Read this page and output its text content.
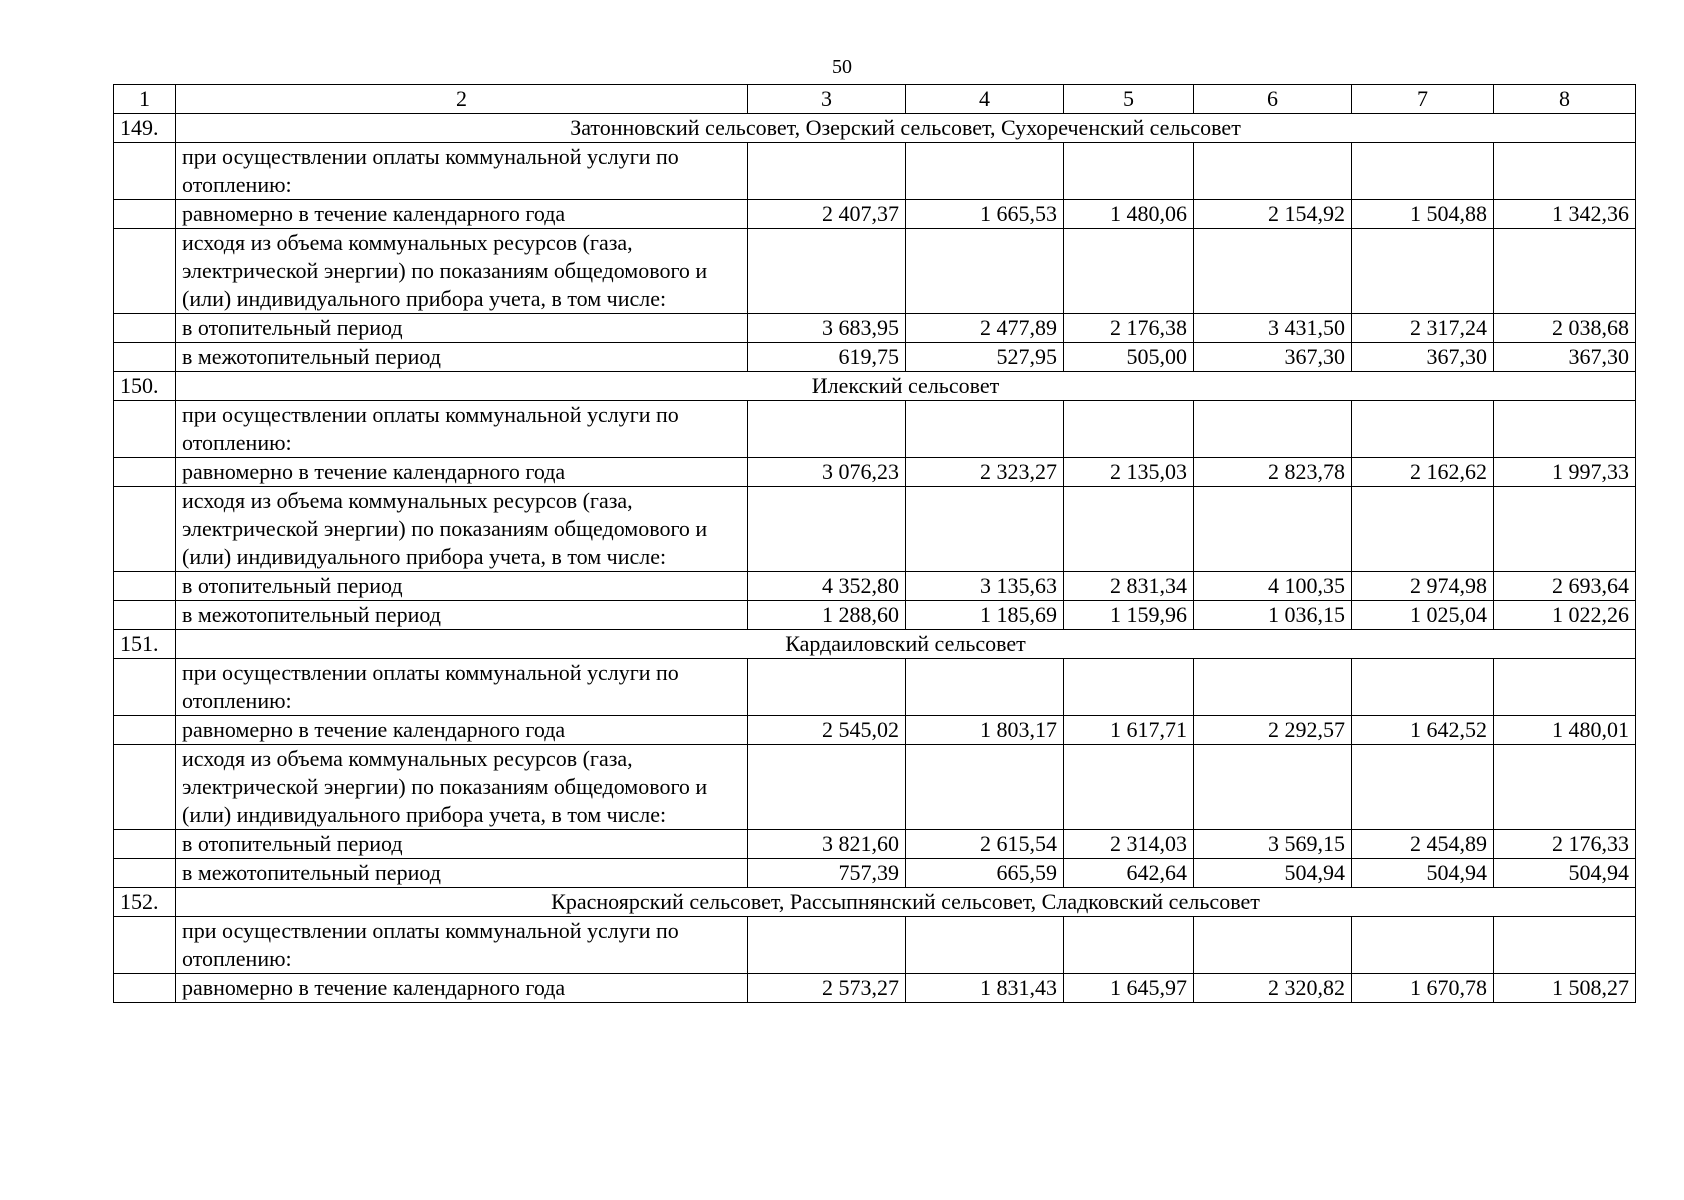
50
1	2	3	4	5	6	7	8
149.	Затонновский сельсовет, Озерский сельсовет, Сухореченский сельсовет						
	при осуществлении оплаты коммунальной услуги по отоплению:						
	равномерно в течение календарного года	2 407,37	1 665,53	1 480,06	2 154,92	1 504,88	1 342,36
	исходя из объема коммунальных ресурсов (газа, электрической энергии) по показаниям общедомового и (или) индивидуального прибора учета, в том числе:						
	в отопительный период	3 683,95	2 477,89	2 176,38	3 431,50	2 317,24	2 038,68
	в межотопительный период	619,75	527,95	505,00	367,30	367,30	367,30
150.	Илекский сельсовет						
	при осуществлении оплаты коммунальной услуги по отоплению:						
	равномерно в течение календарного года	3 076,23	2 323,27	2 135,03	2 823,78	2 162,62	1 997,33
	исходя из объема коммунальных ресурсов (газа, электрической энергии) по показаниям общедомового и (или) индивидуального прибора учета, в том числе:						
	в отопительный период	4 352,80	3 135,63	2 831,34	4 100,35	2 974,98	2 693,64
	в межотопительный период	1 288,60	1 185,69	1 159,96	1 036,15	1 025,04	1 022,26
151.	Кардаиловский сельсовет						
	при осуществлении оплаты коммунальной услуги по отоплению:						
	равномерно в течение календарного года	2 545,02	1 803,17	1 617,71	2 292,57	1 642,52	1 480,01
	исходя из объема коммунальных ресурсов (газа, электрической энергии) по показаниям общедомового и (или) индивидуального прибора учета, в том числе:						
	в отопительный период	3 821,60	2 615,54	2 314,03	3 569,15	2 454,89	2 176,33
	в межотопительный период	757,39	665,59	642,64	504,94	504,94	504,94
152.	Красноярский сельсовет, Рассыпнянский сельсовет, Сладковский сельсовет						
	при осуществлении оплаты коммунальной услуги по отоплению:						
	равномерно в течение календарного года	2 573,27	1 831,43	1 645,97	2 320,82	1 670,78	1 508,27
